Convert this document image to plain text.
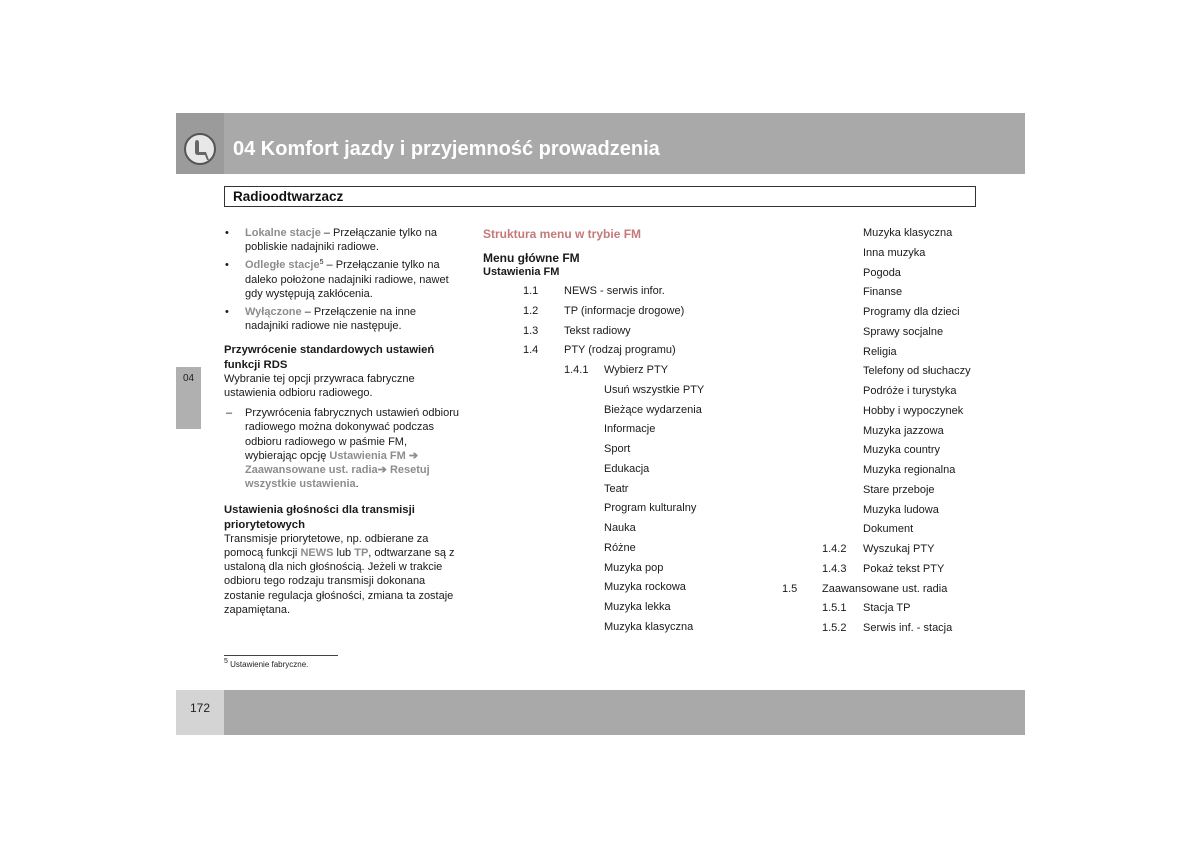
04 Komfort jazdy i przyjemność prowadzenia
Radioodtwarzacz
04
• Lokalne stacje – Przełączanie tylko na pobliskie nadajniki radiowe.
• Odległe stacje$^5$ – Przełączanie tylko na daleko położone nadajniki radiowe, nawet gdy występują zakłócenia.
• Wyłączone – Przełączenie na inne nadajniki radiowe nie następuje.
Przywrócenie standardowych ustawień funkcji RDS

Wybranie tej opcji przywraca fabryczne ustawienia odbioru radiowego.

– Przywrócenia fabrycznych ustawień odbioru radiowego można dokonywać podczas odbioru radiowego w paśmie FM, wybierając opcję Ustawienia FM ➔ Zaawansowane ust. radia➔ Resetuj wszystkie ustawienia.
Ustawienia głośności dla transmisji priorytetowych

Transmisje priorytetowe, np. odbierane za pomocą funkcji NEWS lub TP, odtwarzane są z ustaloną dla nich głośnością. Jeżeli w trakcie odbioru tego rodzaju transmisji dokonana zostanie regulacja głośności, zmiana ta zostaje zapamiętana.

Struktura menu w trybie FM
Menu główne FM
Ustawienia FM
1.1 NEWS - serwis infor.
1.2 TP (informacje drogowe)
1.3 Tekst radiowy
1.4 PTY (rodzaj programu)
1.4.1 Wybierz PTY
Usuń wszystkie PTY
Bieżące wydarzenia
Informacje
Sport
Edukacja
Teatr
Program kulturalny
Nauka
Różne
Muzyka pop
Muzyka rockowa
Muzyka lekka
Muzyka klasyczna
Muzyka klasyczna
Inna muzyka
Pogoda
Finanse
Programy dla dzieci
Sprawy socjalne
Religia
Telefony od słuchaczy
Podróże i turystyka
Hobby i wypoczynek
Muzyka jazzowa
Muzyka country
Muzyka regionalna
Stare przeboje
Muzyka ludowa
Dokument
1.4.2 Wyszukaj PTY
1.4.3 Pokaż tekst PTY
1.5 Zaawansowane ust. radia
1.5.1 Stacja TP
1.5.2 Serwis inf. - stacja
$^5$ Ustawienie fabryczne.
172
